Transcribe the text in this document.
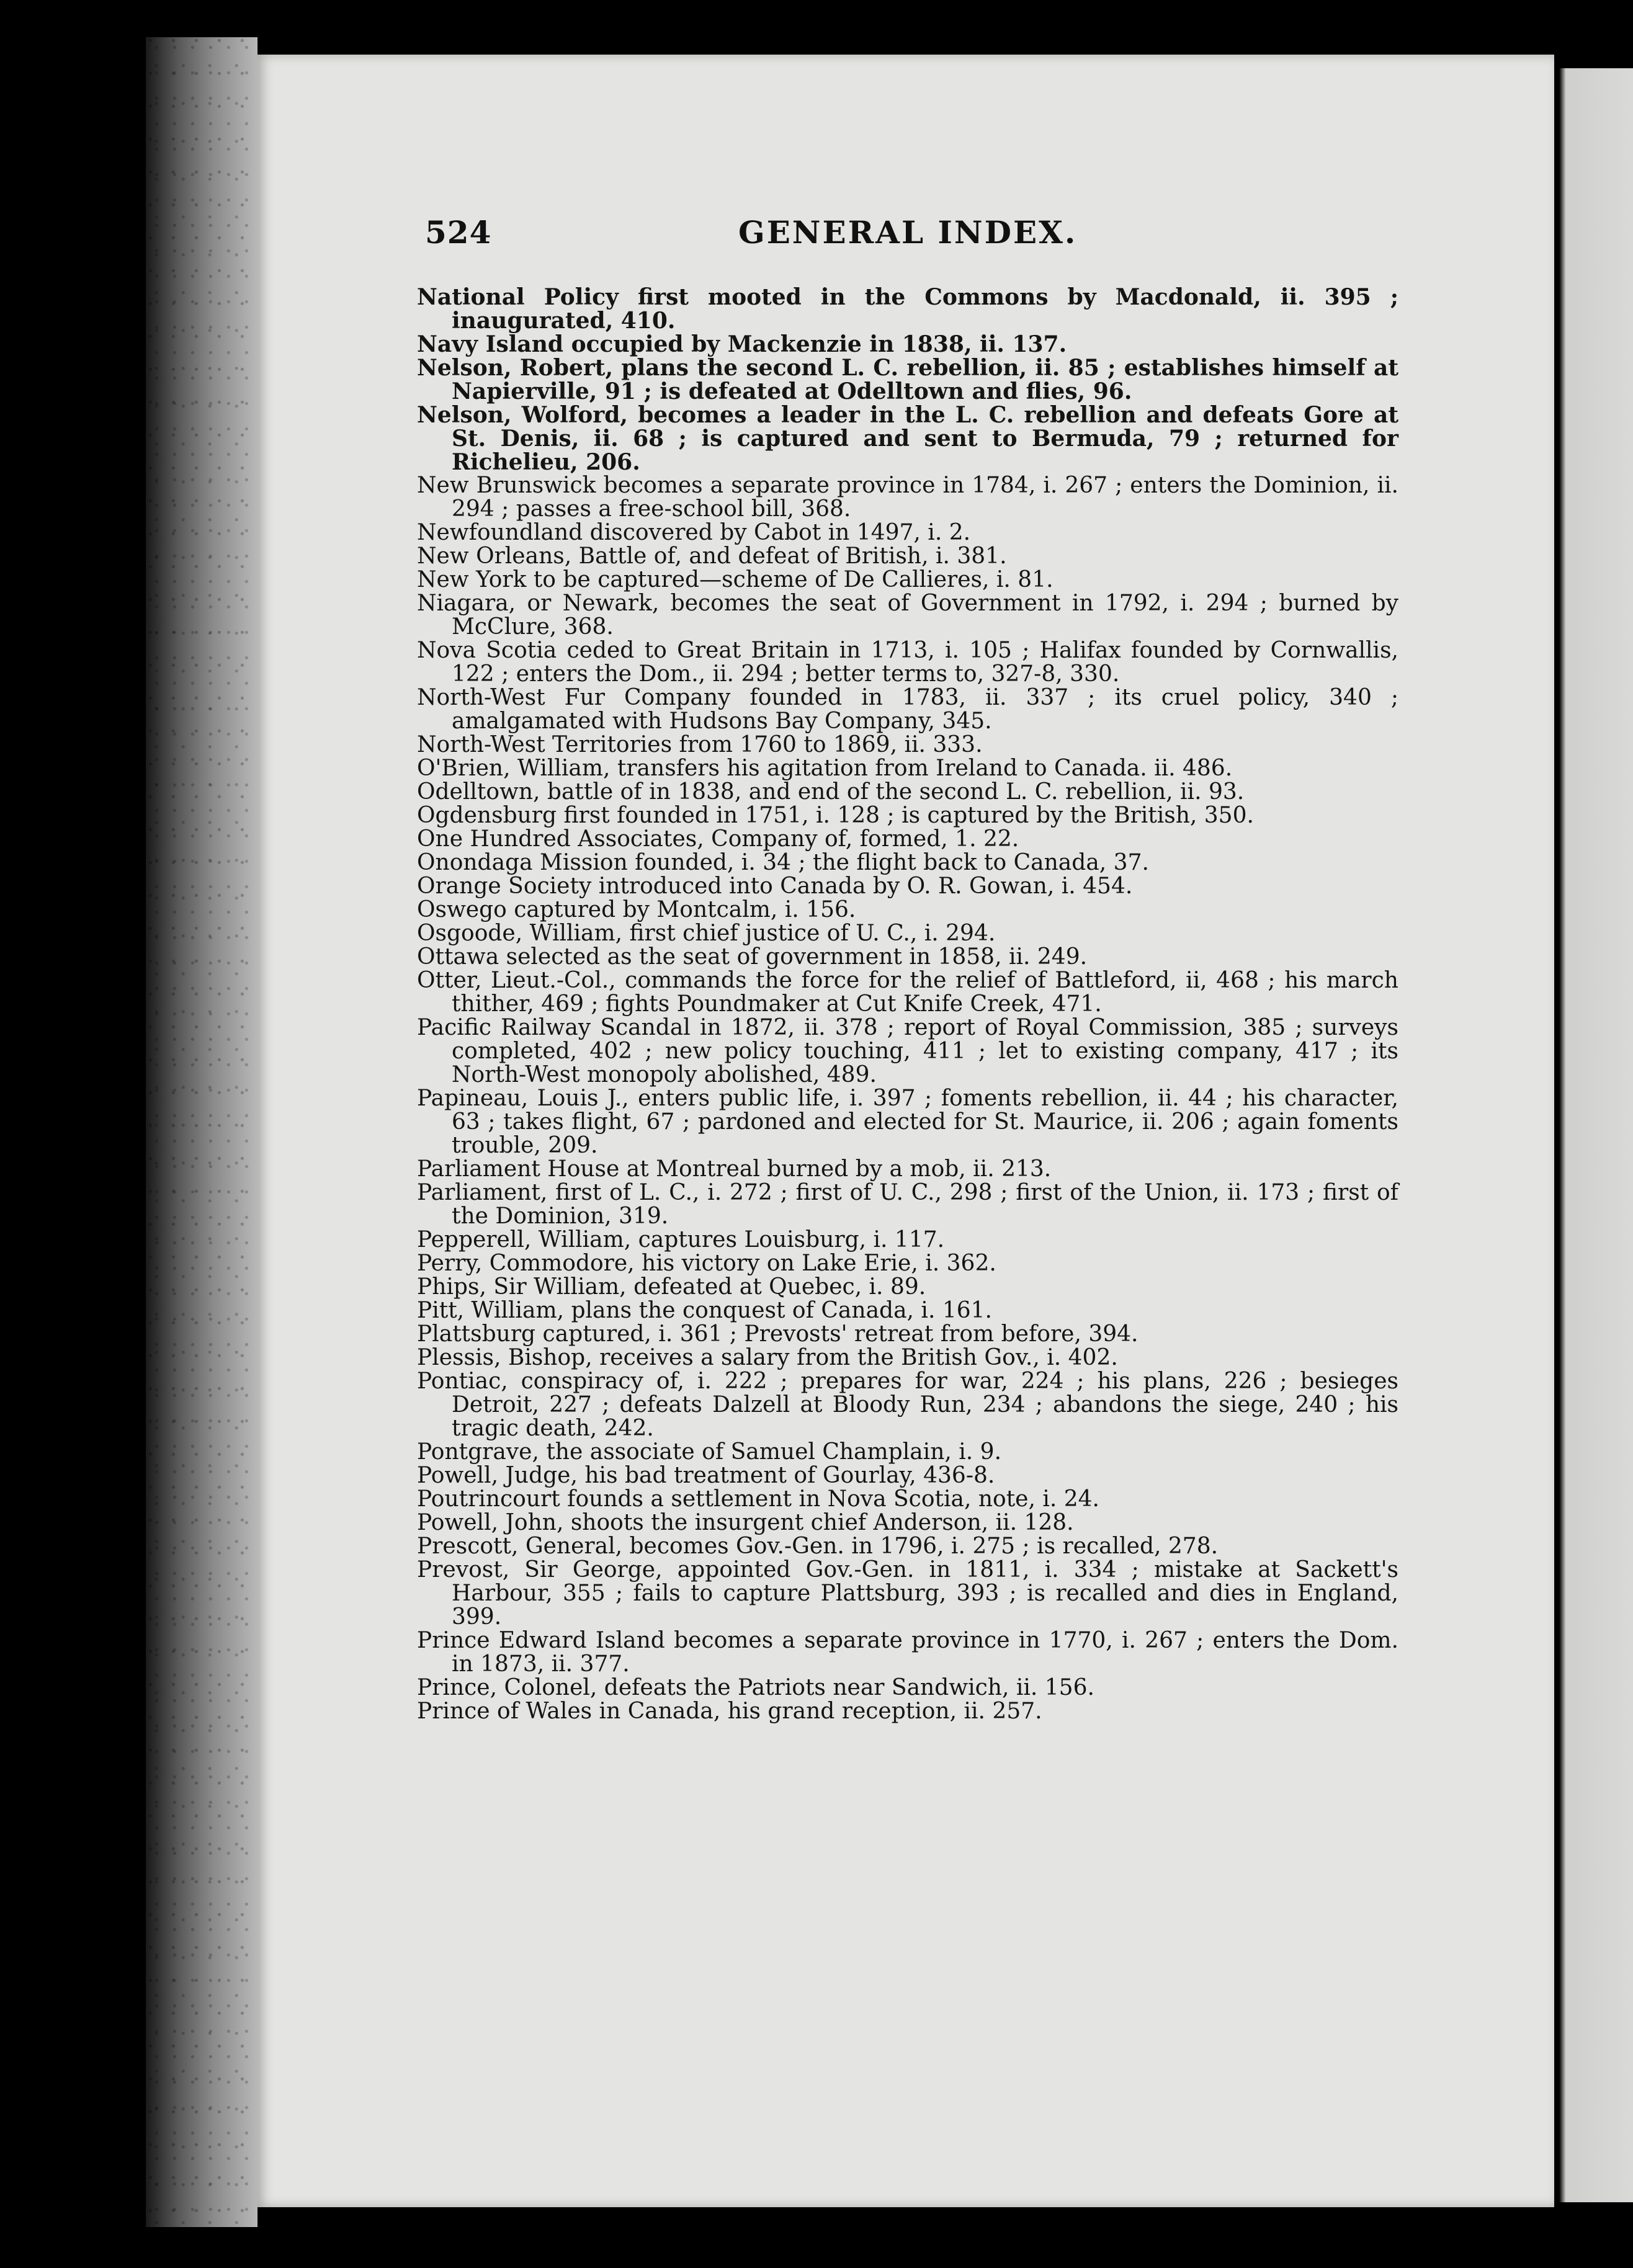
524	GENERAL INDEX.
National Policy first mooted in the Commons by Macdonald, ii. 395 ; inaugurated, 410.
Navy Island occupied by Mackenzie in 1838, ii. 137.
Nelson, Robert, plans the second L. C. rebellion, ii. 85 ; establishes himself at Napierville, 91 ; is defeated at Odelltown and flies, 96.
Nelson, Wolford, becomes a leader in the L. C. rebellion and defeats Gore at St. Denis, ii. 68 ; is captured and sent to Bermuda, 79 ; returned for Richelieu, 206.
New Brunswick becomes a separate province in 1784, i. 267 ; enters the Dominion, ii. 294 ; passes a free-school bill, 368.
Newfoundland discovered by Cabot in 1497, i. 2.
New Orleans, Battle of, and defeat of British, i. 381.
New York to be captured—scheme of De Callieres, i. 81.
Niagara, or Newark, becomes the seat of Government in 1792, i. 294 ; burned by McClure, 368.
Nova Scotia ceded to Great Britain in 1713, i. 105 ; Halifax founded by Cornwallis, 122 ; enters the Dom., ii. 294 ; better terms to, 327-8, 330.
North-West Fur Company founded in 1783, ii. 337 ; its cruel policy, 340 ; amalgamated with Hudsons Bay Company, 345.
North-West Territories from 1760 to 1869, ii. 333.
O'Brien, William, transfers his agitation from Ireland to Canada. ii. 486.
Odelltown, battle of in 1838, and end of the second L. C. rebellion, ii. 93.
Ogdensburg first founded in 1751, i. 128 ; is captured by the British, 350.
One Hundred Associates, Company of, formed, 1. 22.
Onondaga Mission founded, i. 34 ; the flight back to Canada, 37.
Orange Society introduced into Canada by O. R. Gowan, i. 454.
Oswego captured by Montcalm, i. 156.
Osgoode, William, first chief justice of U. C., i. 294.
Ottawa selected as the seat of government in 1858, ii. 249.
Otter, Lieut.-Col., commands the force for the relief of Battleford, ii, 468 ; his march thither, 469 ; fights Poundmaker at Cut Knife Creek, 471.
Pacific Railway Scandal in 1872, ii. 378 ; report of Royal Commission, 385 ; surveys completed, 402 ; new policy touching, 411 ; let to existing company, 417 ; its North-West monopoly abolished, 489.
Papineau, Louis J., enters public life, i. 397 ; foments rebellion, ii. 44 ; his character, 63 ; takes flight, 67 ; pardoned and elected for St. Maurice, ii. 206 ; again foments trouble, 209.
Parliament House at Montreal burned by a mob, ii. 213.
Parliament, first of L. C., i. 272 ; first of U. C., 298 ; first of the Union, ii. 173 ; first of the Dominion, 319.
Pepperell, William, captures Louisburg, i. 117.
Perry, Commodore, his victory on Lake Erie, i. 362.
Phips, Sir William, defeated at Quebec, i. 89.
Pitt, William, plans the conquest of Canada, i. 161.
Plattsburg captured, i. 361 ; Prevosts' retreat from before, 394.
Plessis, Bishop, receives a salary from the British Gov., i. 402.
Pontiac, conspiracy of, i. 222 ; prepares for war, 224 ; his plans, 226 ; besieges Detroit, 227 ; defeats Dalzell at Bloody Run, 234 ; abandons the siege, 240 ; his tragic death, 242.
Pontgrave, the associate of Samuel Champlain, i. 9.
Powell, Judge, his bad treatment of Gourlay, 436-8.
Poutrincourt founds a settlement in Nova Scotia, note, i. 24.
Powell, John, shoots the insurgent chief Anderson, ii. 128.
Prescott, General, becomes Gov.-Gen. in 1796, i. 275 ; is recalled, 278.
Prevost, Sir George, appointed Gov.-Gen. in 1811, i. 334 ; mistake at Sackett's Harbour, 355 ; fails to capture Plattsburg, 393 ; is recalled and dies in England, 399.
Prince Edward Island becomes a separate province in 1770, i. 267 ; enters the Dom. in 1873, ii. 377.
Prince, Colonel, defeats the Patriots near Sandwich, ii. 156.
Prince of Wales in Canada, his grand reception, ii. 257.
